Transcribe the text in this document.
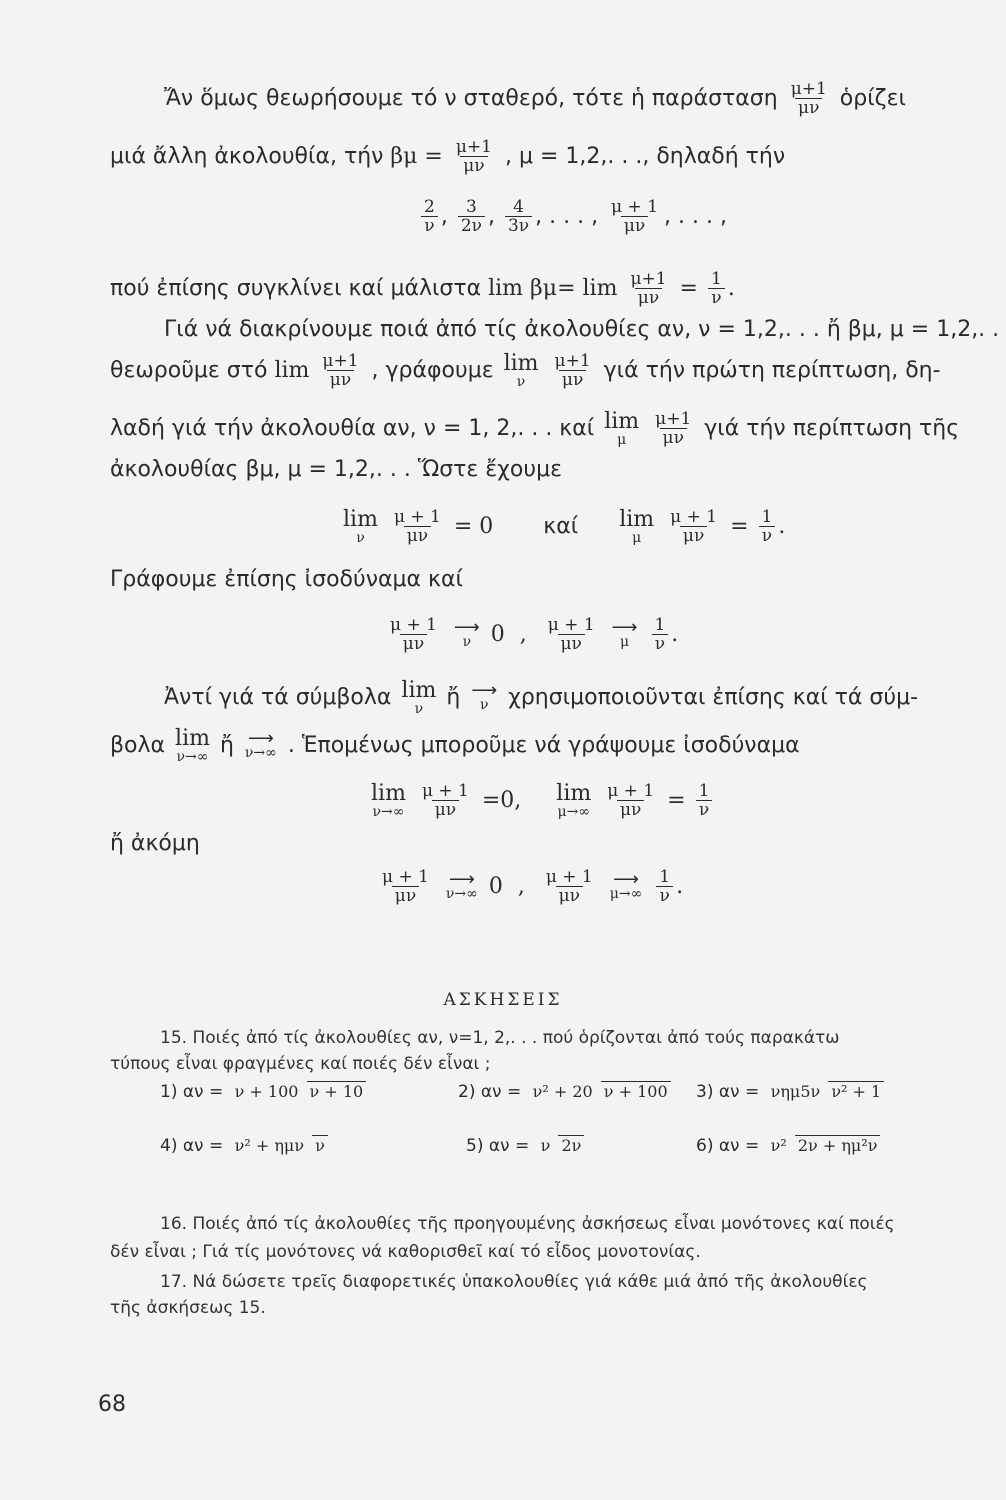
Ἄν ὅμως θεωρήσουμε τό ν σταθερό, τότε ἡ παράσταση $\frac{\mu+1}{\mu\nu}$ ὁρίζει
μιά ἄλλη ἀκολουθία, τήν $\beta\mu = \frac{\mu+1}{\mu\nu}$ , μ = 1,2,. . ., δηλαδή τήν
$\frac{2}{\nu}$ , $\frac{3}{2\nu}$ , $\frac{4}{3\nu}$ , . . . , $\frac{\mu + 1}{\mu\nu}$ , . . . ,
πού ἐπίσης συγκλίνει καί μάλιστα $\lim \beta\mu= \lim \frac{\mu+1}{\mu\nu} = \frac{1}{\nu}$ .
Γιά νά διακρίνουμε ποιά ἀπό τίς ἀκολουθίες αν, ν = 1,2,. . . ἤ βμ, μ = 1,2,. .
θεωροῦμε στό $\lim \frac{\mu+1}{\mu\nu}$ , γράφουμε lim
ν
$\frac{\mu+1}{\mu\nu}$ γιά τήν πρώτη περίπτωση, δη-
λαδή γιά τήν ἀκολουθία αν, ν = 1, 2,. . . καί lim
μ
$\frac{\mu+1}{\mu\nu}$ γιά τήν περίπτωση τῆς
ἀκολουθίας βμ, μ = 1,2,. . . Ὥστε ἔχουμε
lim
ν
$\frac{\mu + 1}{\mu\nu} = 0$ καί lim
μ
$\frac{\mu + 1}{\mu\nu} = \frac{1}{\nu}$ .
Γράφουμε ἐπίσης ἰσοδύναμα καί
$\frac{\mu + 1}{\mu\nu}$
⟶
ν 0 , $\frac{\mu + 1}{\mu\nu}$
⟶
μ
$\frac{1}{\nu}$ .
Ἀντί γιά τά σύμβολα lim
ν ἤ ⟶
ν χρησιμοποιοῦνται ἐπίσης καί τά σύμ-
βολα lim
ν→∞ ἤ ⟶
ν→∞ . Ἑπομένως μποροῦμε νά γράψουμε ἰσοδύναμα
lim
ν→∞
$\frac{\mu + 1}{\mu\nu} =0$, lim
μ→∞
$\frac{\mu + 1}{\mu\nu} = \frac{1}{\nu}$
ἤ ἀκόμη
$\frac{\mu + 1}{\mu\nu}$
⟶
ν→∞ 0 , $\frac{\mu + 1}{\mu\nu}$
⟶
μ→∞
$\frac{1}{\nu}$ .
ΑΣΚΗΣΕΙΣ
15. Ποιές ἀπό τίς ἀκολουθίες αν, ν=1, 2,. . . πού ὁρίζονται ἀπό τούς παρακάτω
τύπους εἶναι φραγμένες καί ποιές δέν εἶναι ;
1) αν = ν + 100 ν + 10	2) αν = ν² + 20 ν + 100	3) αν = νημ5ν ν² + 1
4) αν = ν² + ημν ν	5) αν = ν 2ν	6) αν = ν² 2ν + ημ²ν
16. Ποιές ἀπό τίς ἀκολουθίες τῆς προηγουμένης ἀσκήσεως εἶναι μονότονες καί ποιές
δέν εἶναι ; Γιά τίς μονότονες νά καθορισθεῖ καί τό εἶδος μονοτονίας.
17. Νά δώσετε τρεῖς διαφορετικές ὑπακολουθίες γιά κάθε μιά ἀπό τῆς ἀκολουθίες
τῆς ἀσκήσεως 15.
68
